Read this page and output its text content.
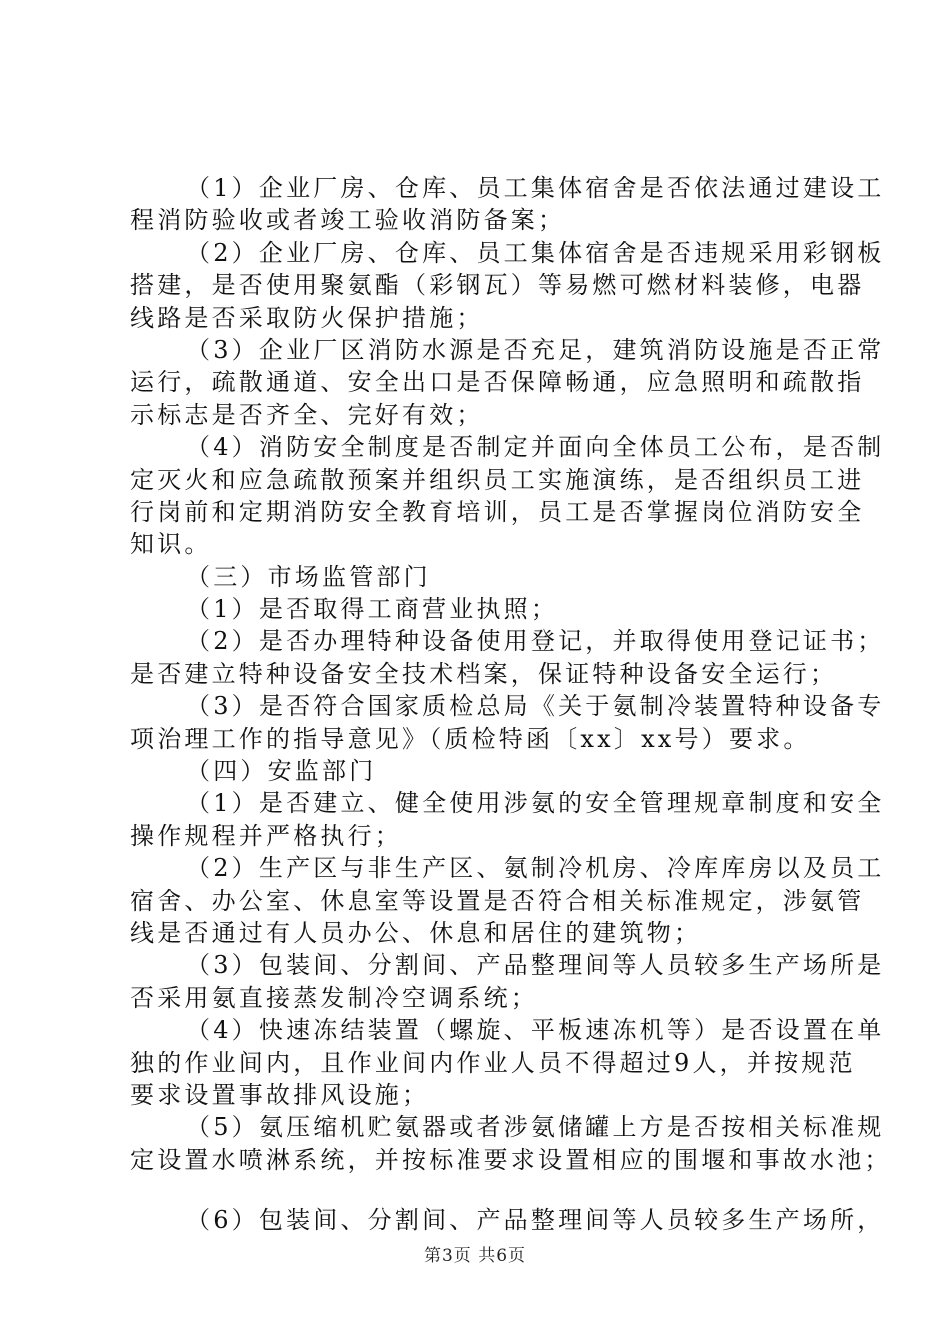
（1）企业厂房、仓库、员工集体宿舍是否依法通过建设工
程消防验收或者竣工验收消防备案；
（2）企业厂房、仓库、员工集体宿舍是否违规采用彩钢板
搭建，是否使用聚氨酯（彩钢瓦）等易燃可燃材料装修，电器
线路是否采取防火保护措施；
（3）企业厂区消防水源是否充足，建筑消防设施是否正常
运行，疏散通道、安全出口是否保障畅通，应急照明和疏散指
示标志是否齐全、完好有效；
（4）消防安全制度是否制定并面向全体员工公布，是否制
定灭火和应急疏散预案并组织员工实施演练，是否组织员工进
行岗前和定期消防安全教育培训，员工是否掌握岗位消防安全
知识。
（三）市场监管部门
（1）是否取得工商营业执照；
（2）是否办理特种设备使用登记，并取得使用登记证书；
是否建立特种设备安全技术档案，保证特种设备安全运行；
（3）是否符合国家质检总局《关于氨制冷装置特种设备专
项治理工作的指导意见》（质检特函〔xx〕xx号）要求。
（四）安监部门
（1）是否建立、健全使用涉氨的安全管理规章制度和安全
操作规程并严格执行；
（2）生产区与非生产区、氨制冷机房、冷库库房以及员工
宿舍、办公室、休息室等设置是否符合相关标准规定，涉氨管
线是否通过有人员办公、休息和居住的建筑物；
（3）包装间、分割间、产品整理间等人员较多生产场所是
否采用氨直接蒸发制冷空调系统；
（4）快速冻结装置（螺旋、平板速冻机等）是否设置在单
独的作业间内，且作业间内作业人员不得超过9人，并按规范
要求设置事故排风设施；
（5）氨压缩机贮氨器或者涉氨储罐上方是否按相关标准规
定设置水喷淋系统，并按标准要求设置相应的围堰和事故水池；
（6）包装间、分割间、产品整理间等人员较多生产场所，
第3页 共6页
